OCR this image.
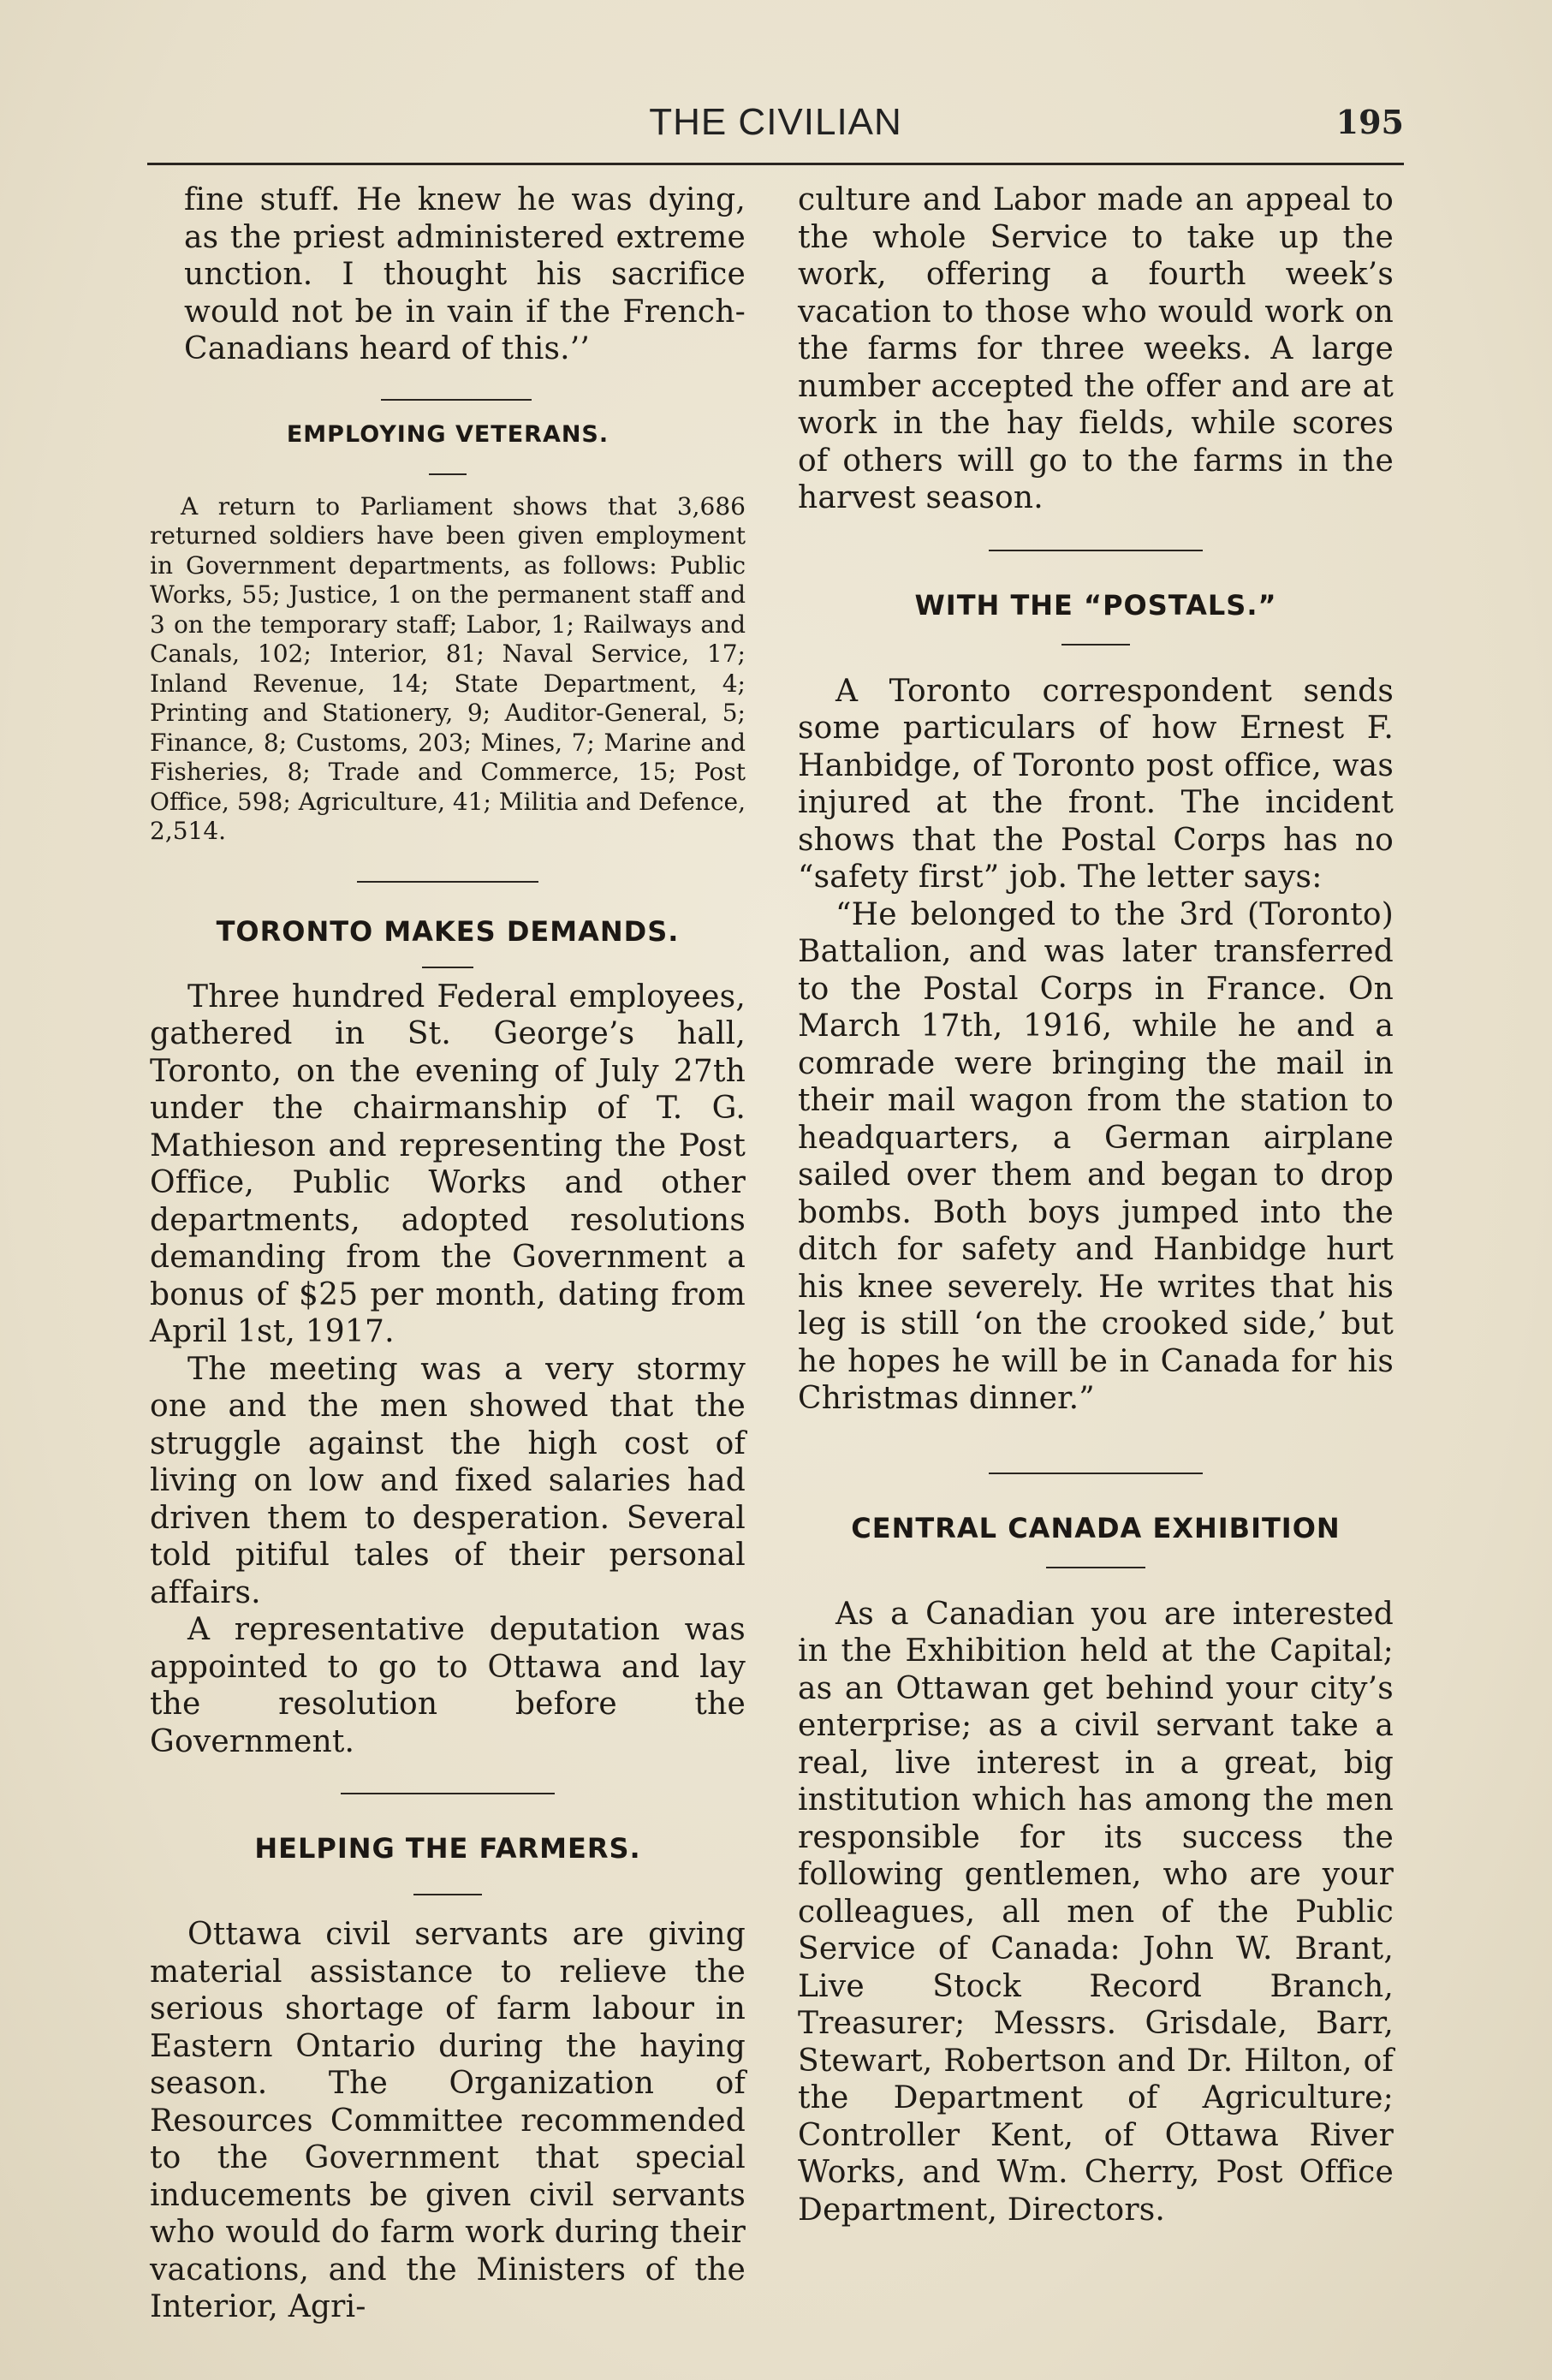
THE CIVILIAN	195

fine stuff. He knew he was dying, as the priest administered extreme unction. I thought his sacrifice would not be in vain if the French-Canadians heard of this.’’

EMPLOYING VETERANS.

A return to Parliament shows that 3,686 returned soldiers have been given employment in Government departments, as follows: Public Works, 55; Justice, 1 on the permanent staff and 3 on the temporary staff; Labor, 1; Railways and Canals, 102; Interior, 81; Naval Service, 17; Inland Revenue, 14; State Department, 4; Printing and Stationery, 9; Auditor-General, 5; Finance, 8; Customs, 203; Mines, 7; Marine and Fisheries, 8; Trade and Commerce, 15; Post Office, 598; Agriculture, 41; Militia and Defence, 2,514.

TORONTO MAKES DEMANDS.

Three hundred Federal employees, gathered in St. George’s hall, Toronto, on the evening of July 27th under the chairmanship of T. G. Mathieson and representing the Post Office, Public Works and other departments, adopted resolutions demanding from the Government a bonus of $25 per month, dating from April 1st, 1917.

The meeting was a very stormy one and the men showed that the struggle against the high cost of living on low and fixed salaries had driven them to desperation. Several told pitiful tales of their personal affairs.

A representative deputation was appointed to go to Ottawa and lay the resolution before the Government.

HELPING THE FARMERS.

Ottawa civil servants are giving material assistance to relieve the serious shortage of farm labour in Eastern Ontario during the haying season. The Organization of Resources Committee recommended to the Government that special inducements be given civil servants who would do farm work during their vacations, and the Ministers of the Interior, Agri-

culture and Labor made an appeal to the whole Service to take up the work, offering a fourth week’s vacation to those who would work on the farms for three weeks. A large number accepted the offer and are at work in the hay fields, while scores of others will go to the farms in the harvest season.

WITH THE “POSTALS.”

A Toronto correspondent sends some particulars of how Ernest F. Hanbidge, of Toronto post office, was injured at the front. The incident shows that the Postal Corps has no “safety first” job. The letter says:

“He belonged to the 3rd (Toronto) Battalion, and was later transferred to the Postal Corps in France. On March 17th, 1916, while he and a comrade were bringing the mail in their mail wagon from the station to headquarters, a German airplane sailed over them and began to drop bombs. Both boys jumped into the ditch for safety and Hanbidge hurt his knee severely. He writes that his leg is still ‘on the crooked side,’ but he hopes he will be in Canada for his Christmas dinner.”

CENTRAL CANADA EXHIBITION

As a Canadian you are interested in the Exhibition held at the Capital; as an Ottawan get behind your city’s enterprise; as a civil servant take a real, live interest in a great, big institution which has among the men responsible for its success the following gentlemen, who are your colleagues, all men of the Public Service of Canada: John W. Brant, Live Stock Record Branch, Treasurer; Messrs. Grisdale, Barr, Stewart, Robertson and Dr. Hilton, of the Department of Agriculture; Controller Kent, of Ottawa River Works, and Wm. Cherry, Post Office Department, Directors.
